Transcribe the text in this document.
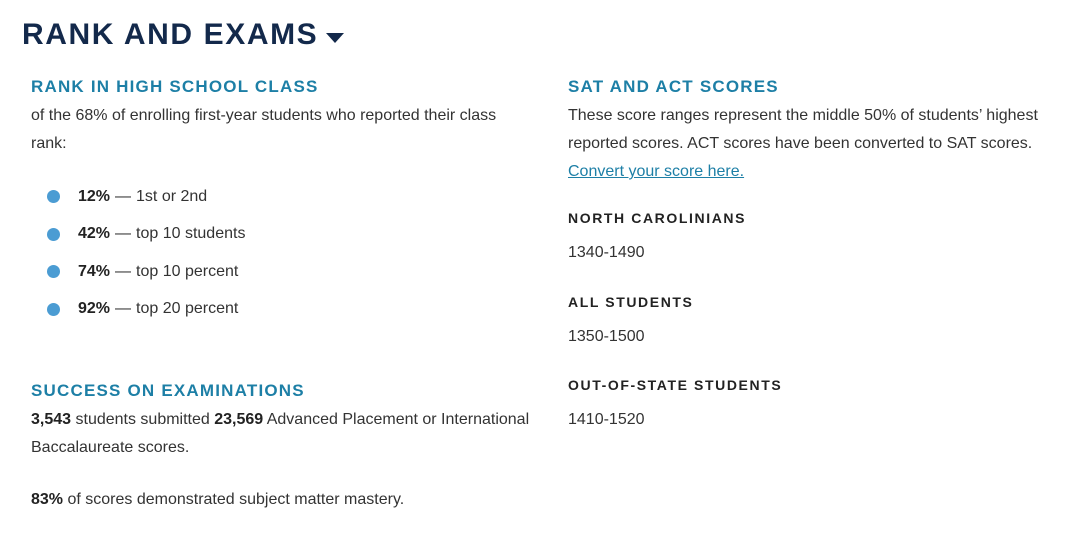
RANK AND EXAMS
RANK IN HIGH SCHOOL CLASS

of the 68% of enrolling first-year students who reported their class rank:

12% — 1st or 2nd
42% — top 10 students
74% — top 10 percent
92% — top 20 percent
SUCCESS ON EXAMINATIONS

3,543 students submitted 23,569 Advanced Placement or International Baccalaureate scores.

83% of scores demonstrated subject matter mastery.

SAT AND ACT SCORES

These score ranges represent the middle 50% of students’ highest reported scores. ACT scores have been converted to SAT scores. Convert your score here.

NORTH CAROLINIANS

1340-1490

ALL STUDENTS

1350-1500

OUT-OF-STATE STUDENTS

1410-1520
